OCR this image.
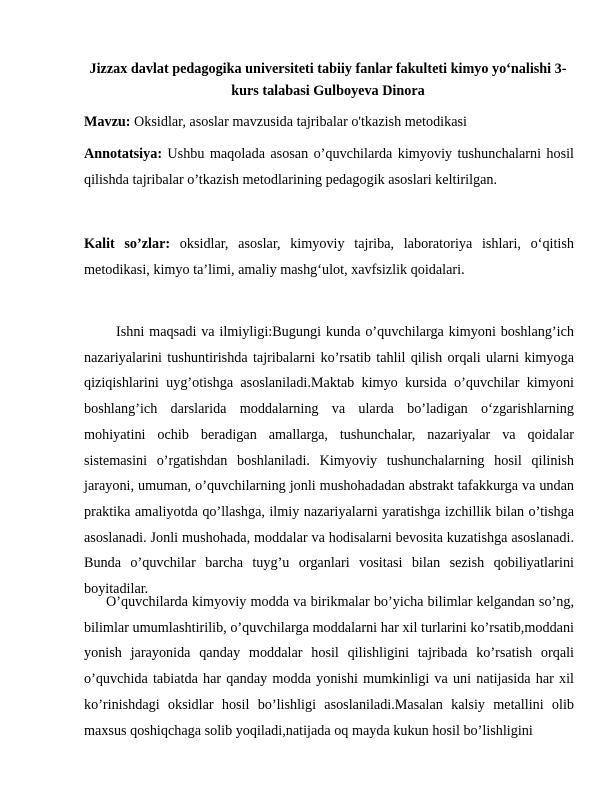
Jizzax davlat pedagogika universiteti tabiiy fanlar fakulteti kimyo yo‘nalishi 3-
kurs talabasi Gulboyeva Dinora
Mavzu: Oksidlar, asoslar mavzusida tajribalar o'tkazish metodikasi
Annotatsiya: Ushbu maqolada asosan o’quvchilarda kimyoviy tushunchalarni hosil qilishda tajribalar o’tkazish metodlarining pedagogik asoslari keltirilgan.
Kalit so’zlar: oksidlar, asoslar, kimyoviy tajriba, laboratoriya ishlari, o‘qitish metodikasi, kimyo ta’limi, amaliy mashg‘ulot, xavfsizlik qoidalari.
Ishni maqsadi va ilmiyligi:Bugungi kunda o’quvchilarga kimyoni boshlang’ich nazariyalarini tushuntirishda tajribalarni ko’rsatib tahlil qilish orqali ularni kimyoga qiziqishlarini uyg’otishga asoslaniladi.Maktab kimyo kursida o’quvchilar kimyoni boshlang’ich darslarida moddalarning va ularda bo’ladigan o‘zgarishlarning mohiyatini ochib beradigan amallarga, tushunchalar, nazariyalar va qoidalar sistemasini o’rgatishdan boshlaniladi. Kimyoviy tushunchalarning hosil qilinish jarayoni, umuman, o’quvchilarning jonli mushohadadan abstrakt tafakkurga va undan praktika amaliyotda qo’llashga, ilmiy nazariyalarni yaratishga izchillik bilan o’tishga asoslanadi. Jonli mushohada, moddalar va hodisalarni bevosita kuzatishga asoslanadi. Bunda o’quvchilar barcha tuyg’u organlari vositasi bilan sezish qobiliyatlarini boyitadilar.
O’quvchilarda kimyoviy modda va birikmalar bo’yicha bilimlar kelgandan so’ng, bilimlar umumlashtirilib, o’quvchilarga moddalarni har xil turlarini ko’rsatib,moddani yonish jarayonida qanday moddalar hosil qilishligini tajribada ko’rsatish orqali o’quvchida tabiatda har qanday modda yonishi mumkinligi va uni natijasida har xil ko’rinishdagi oksidlar hosil bo’lishligi asoslaniladi.Masalan kalsiy metallini olib maxsus qoshiqchaga solib yoqiladi,natijada oq mayda kukun hosil bo’lishligini
